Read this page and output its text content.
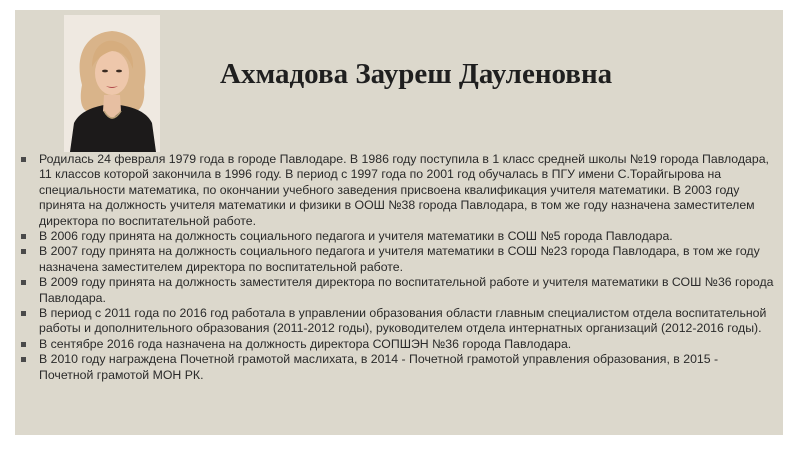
Ахмадова Зауреш Дауленовна
Родилась 24 февраля 1979 года в городе Павлодаре. В 1986 году поступила в 1 класс средней школы №19 города Павлодара, 11 классов которой закончила в 1996 году. В период с 1997 года по 2001 год обучалась в ПГУ имени С.Торайгырова на специальности математика, по окончании учебного заведения присвоена квалификация учителя математики. В 2003 году принята на должность учителя математики и физики в ООШ №38 города Павлодара, в том же году назначена заместителем директора по воспитательной работе.
В 2006 году принята на должность социального педагога и учителя математики в СОШ №5 города Павлодара.
В 2007 году принята на должность социального педагога и учителя математики в СОШ №23 города Павлодара, в том же году назначена заместителем директора по воспитательной работе.
В 2009 году принята на должность заместителя директора по воспитательной работе и учителя математики в СОШ №36 города Павлодара.
В период с 2011 года по 2016 год работала в управлении образования области главным специалистом отдела воспитательной работы и дополнительного образования (2011-2012 годы), руководителем отдела интернатных организаций (2012-2016 годы).
В сентябре 2016 года назначена на должность директора СОПШЭН №36 города Павлодара.
В 2010 году награждена Почетной грамотой маслихата, в 2014 - Почетной грамотой управления образования, в 2015 - Почетной грамотой МОН РК.
